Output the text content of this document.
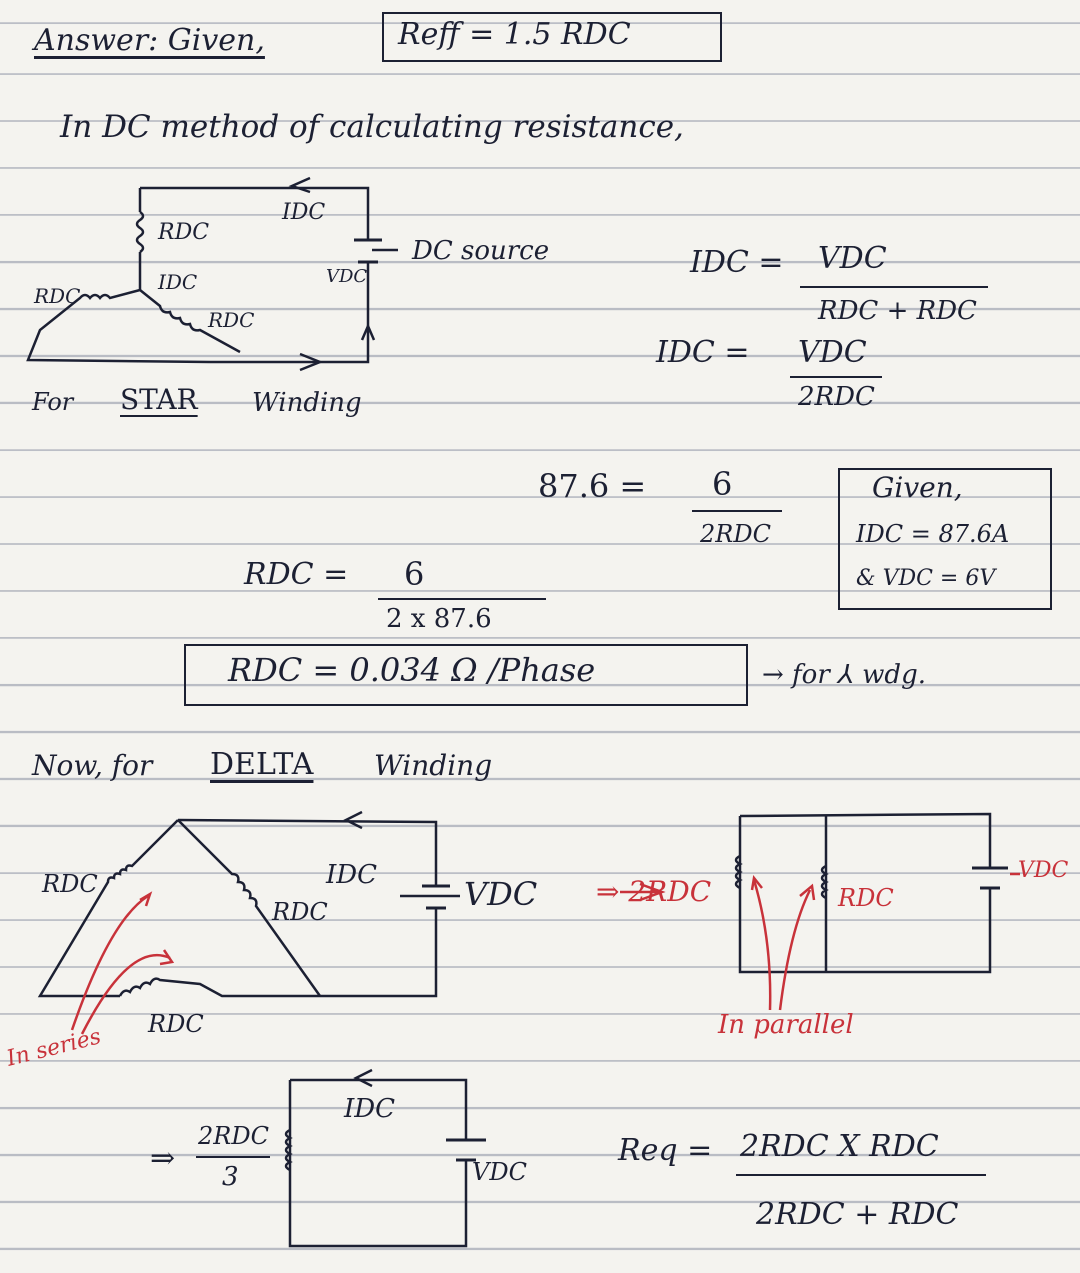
Answer: Given,	Reff = 1.5 RDC
In DC method of calculating resistance,
RDC
IDC
VDC
DC source
RDC
IDC
RDC
For STAR Winding
IDC = VDC
RDC + RDC
IDC = VDC
2RDC
87.6 = 6
2RDC
Given,
IDC = 87.6A
& VDC = 6V
RDC = 6
2 x 87.6
RDC = 0.034 Ω /Phase	→ for ⅄ wdg.
Now, for DELTA Winding
RDC
RDC
RDC
IDC	VDC
In series
⇒ 2RDC	RDC
VDC
In parallel
⇒
2RDC
3
IDC
VDC
Req = 2RDC X RDC
2RDC + RDC
